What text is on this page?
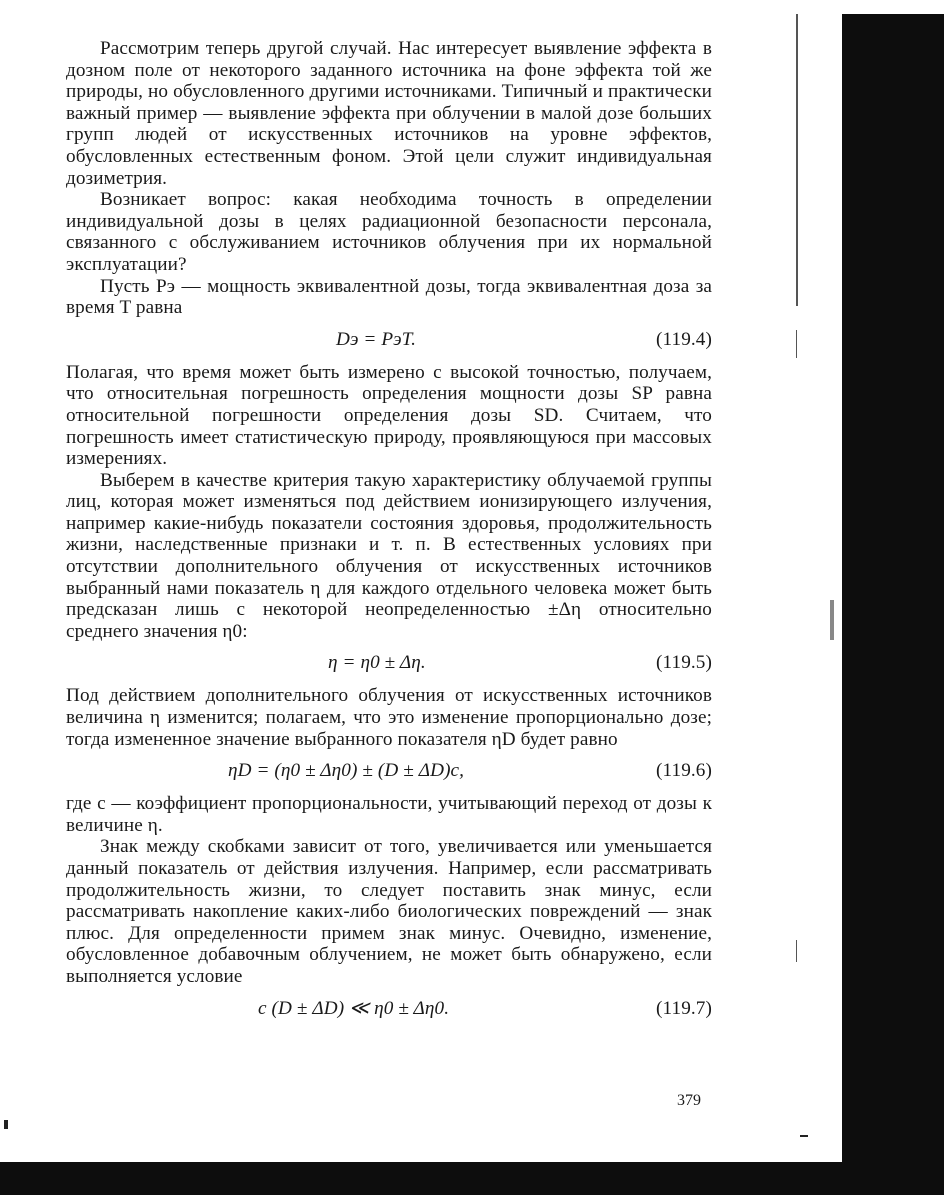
Рассмотрим теперь другой случай. Нас интересует выявление эффекта в дозном поле от некоторого заданного источника на фоне эффекта той же природы, но обусловленного другими источниками. Типичный и практически важный пример — выявление эффекта при облучении в малой дозе больших групп людей от искусственных источников на уровне эффектов, обусловленных естественным фоном. Этой цели служит индивидуальная дозиметрия.

Возникает вопрос: какая необходима точность в определении индивидуальной дозы в целях радиационной безопасности персонала, связанного с обслуживанием источников облучения при их нормальной эксплуатации?

Пусть Pэ — мощность эквивалентной дозы, тогда эквивалентная доза за время T равна

Dэ = PэT.	(119.4)

Полагая, что время может быть измерено с высокой точностью, получаем, что относительная погрешность определения мощности дозы SP равна относительной погрешности определения дозы SD. Считаем, что погрешность имеет статистическую природу, проявляющуюся при массовых измерениях.

Выберем в качестве критерия такую характеристику облучаемой группы лиц, которая может изменяться под действием ионизирующего излучения, например какие-нибудь показатели состояния здоровья, продолжительность жизни, наследственные признаки и т. п. В естественных условиях при отсутствии дополнительного облучения от искусственных источников выбранный нами показатель η для каждого отдельного человека может быть предсказан лишь с некоторой неопределенностью ±Δη относительно среднего значения η0:

η = η0 ± Δη.	(119.5)

Под действием дополнительного облучения от искусственных источников величина η изменится; полагаем, что это изменение пропорционально дозе; тогда измененное значение выбранного показателя ηD будет равно

ηD = (η0 ± Δη0) ± (D ± ΔD)c,	(119.6)

где c — коэффициент пропорциональности, учитывающий переход от дозы к величине η.

Знак между скобками зависит от того, увеличивается или уменьшается данный показатель от действия излучения. Например, если рассматривать продолжительность жизни, то следует поставить знак минус, если рассматривать накопление каких-либо биологических повреждений — знак плюс. Для определенности примем знак минус. Очевидно, изменение, обусловленное добавочным облучением, не может быть обнаружено, если выполняется условие

c (D ± ΔD) ≪ η0 ± Δη0.	(119.7)
379
